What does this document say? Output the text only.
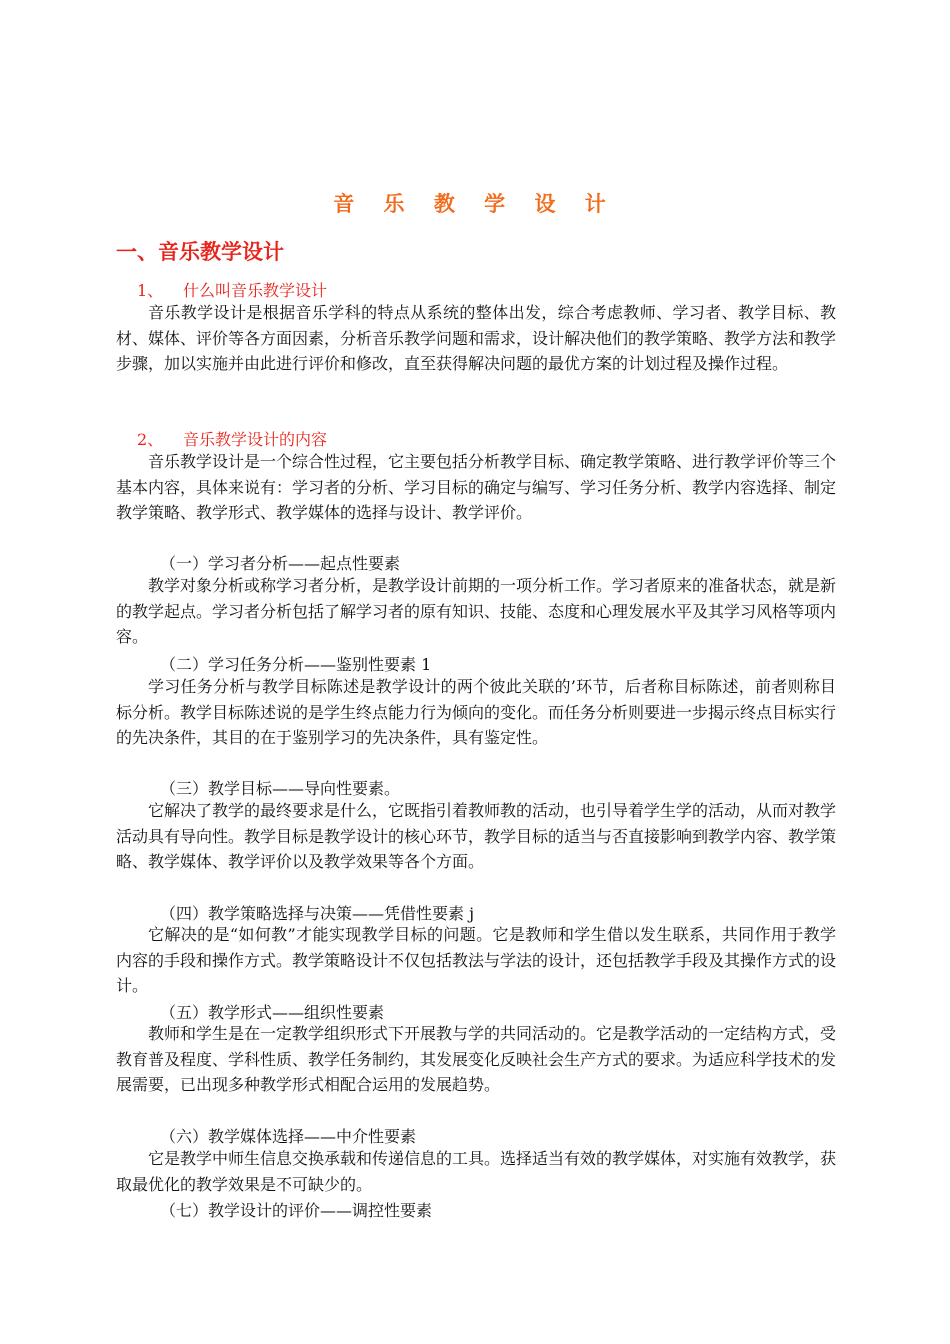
音 乐 教 学 设 计
一、音乐教学设计
1、 什么叫音乐教学设计
音乐教学设计是根据音乐学科的特点从系统的整体出发，综合考虑教师、学习者、教学目标、教材、媒体、评价等各方面因素，分析音乐教学问题和需求，设计解决他们的教学策略、教学方法和教学步骤，加以实施并由此进行评价和修改，直至获得解决问题的最优方案的计划过程及操作过程。
2、 音乐教学设计的内容
音乐教学设计是一个综合性过程，它主要包括分析教学目标、确定教学策略、进行教学评价等三个基本内容，具体来说有：学习者的分析、学习目标的确定与编写、学习任务分析、教学内容选择、制定教学策略、教学形式、教学媒体的选择与设计、教学评价。
（一）学习者分析——起点性要素
教学对象分析或称学习者分析，是教学设计前期的一项分析工作。学习者原来的准备状态，就是新的教学起点。学习者分析包括了解学习者的原有知识、技能、态度和心理发展水平及其学习风格等项内容。
（二）学习任务分析——鉴别性要素 1
学习任务分析与教学目标陈述是教学设计的两个彼此关联的’环节，后者称目标陈述，前者则称目标分析。教学目标陈述说的是学生终点能力行为倾向的变化。而任务分析则要进一步揭示终点目标实行的先决条件，其目的在于鉴别学习的先决条件，具有鉴定性。
（三）教学目标——导向性要素。
它解决了教学的最终要求是什么，它既指引着教师教的活动，也引导着学生学的活动，从而对教学活动具有导向性。教学目标是教学设计的核心环节，教学目标的适当与否直接影响到教学内容、教学策略、教学媒体、教学评价以及教学效果等各个方面。
（四）教学策略选择与决策——凭借性要素 j
它解决的是“如何教”才能实现教学目标的问题。它是教师和学生借以发生联系，共同作用于教学内容的手段和操作方式。教学策略设计不仅包括教法与学法的设计，还包括教学手段及其操作方式的设计。
（五）教学形式——组织性要素
教师和学生是在一定教学组织形式下开展教与学的共同活动的。它是教学活动的一定结构方式，受教育普及程度、学科性质、教学任务制约，其发展变化反映社会生产方式的要求。为适应科学技术的发展需要，已出现多种教学形式相配合运用的发展趋势。
（六）教学媒体选择——中介性要素
它是教学中师生信息交换承载和传递信息的工具。选择适当有效的教学媒体，对实施有效教学，获取最优化的教学效果是不可缺少的。
（七）教学设计的评价——调控性要素
